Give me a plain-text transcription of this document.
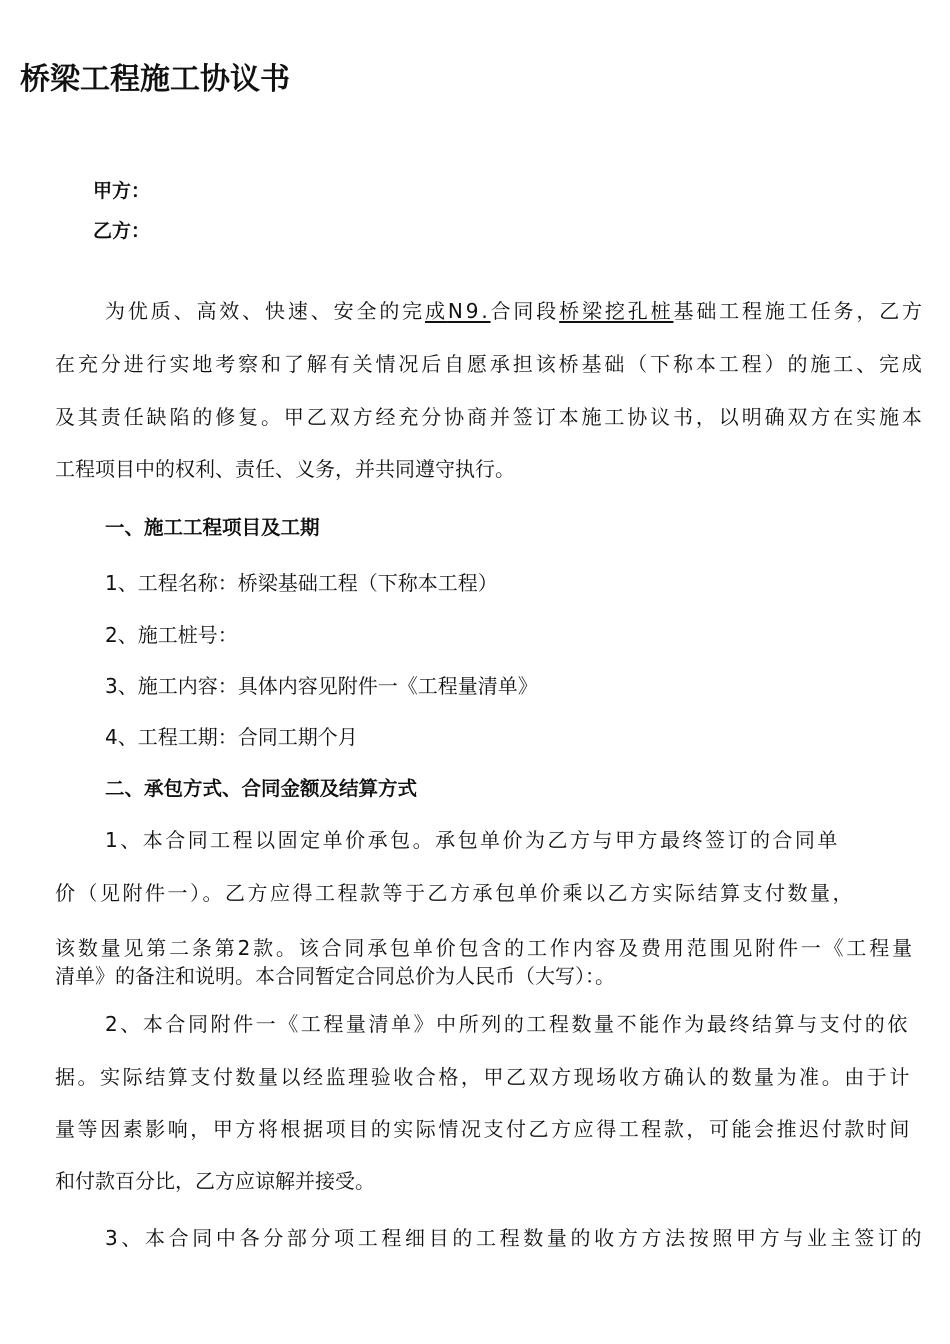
桥梁工程施工协议书
甲方：
乙方：
为优质、高效、快速、安全的完成N9.合同段桥梁挖孔桩基础工程施工任务，乙方
在充分进行实地考察和了解有关情况后自愿承担该桥基础（下称本工程）的施工、完成
及其责任缺陷的修复。甲乙双方经充分协商并签订本施工协议书，以明确双方在实施本
工程项目中的权利、责任、义务，并共同遵守执行。
一、施工工程项目及工期
1、工程名称：桥梁基础工程（下称本工程）
2、施工桩号：
3、施工内容：具体内容见附件一《工程量清单》
4、工程工期：合同工期个月
二、承包方式、合同金额及结算方式
1、本合同工程以固定单价承包。承包单价为乙方与甲方最终签订的合同单
价（见附件一）。乙方应得工程款等于乙方承包单价乘以乙方实际结算支付数量，
该数量见第二条第2款。该合同承包单价包含的工作内容及费用范围见附件一《工程量
清单》的备注和说明。本合同暂定合同总价为人民币（大写）：。
2、本合同附件一《工程量清单》中所列的工程数量不能作为最终结算与支付的依
据。实际结算支付数量以经监理验收合格，甲乙双方现场收方确认的数量为准。由于计
量等因素影响，甲方将根据项目的实际情况支付乙方应得工程款，可能会推迟付款时间
和付款百分比，乙方应谅解并接受。
3、本合同中各分部分项工程细目的工程数量的收方方法按照甲方与业主签订的
